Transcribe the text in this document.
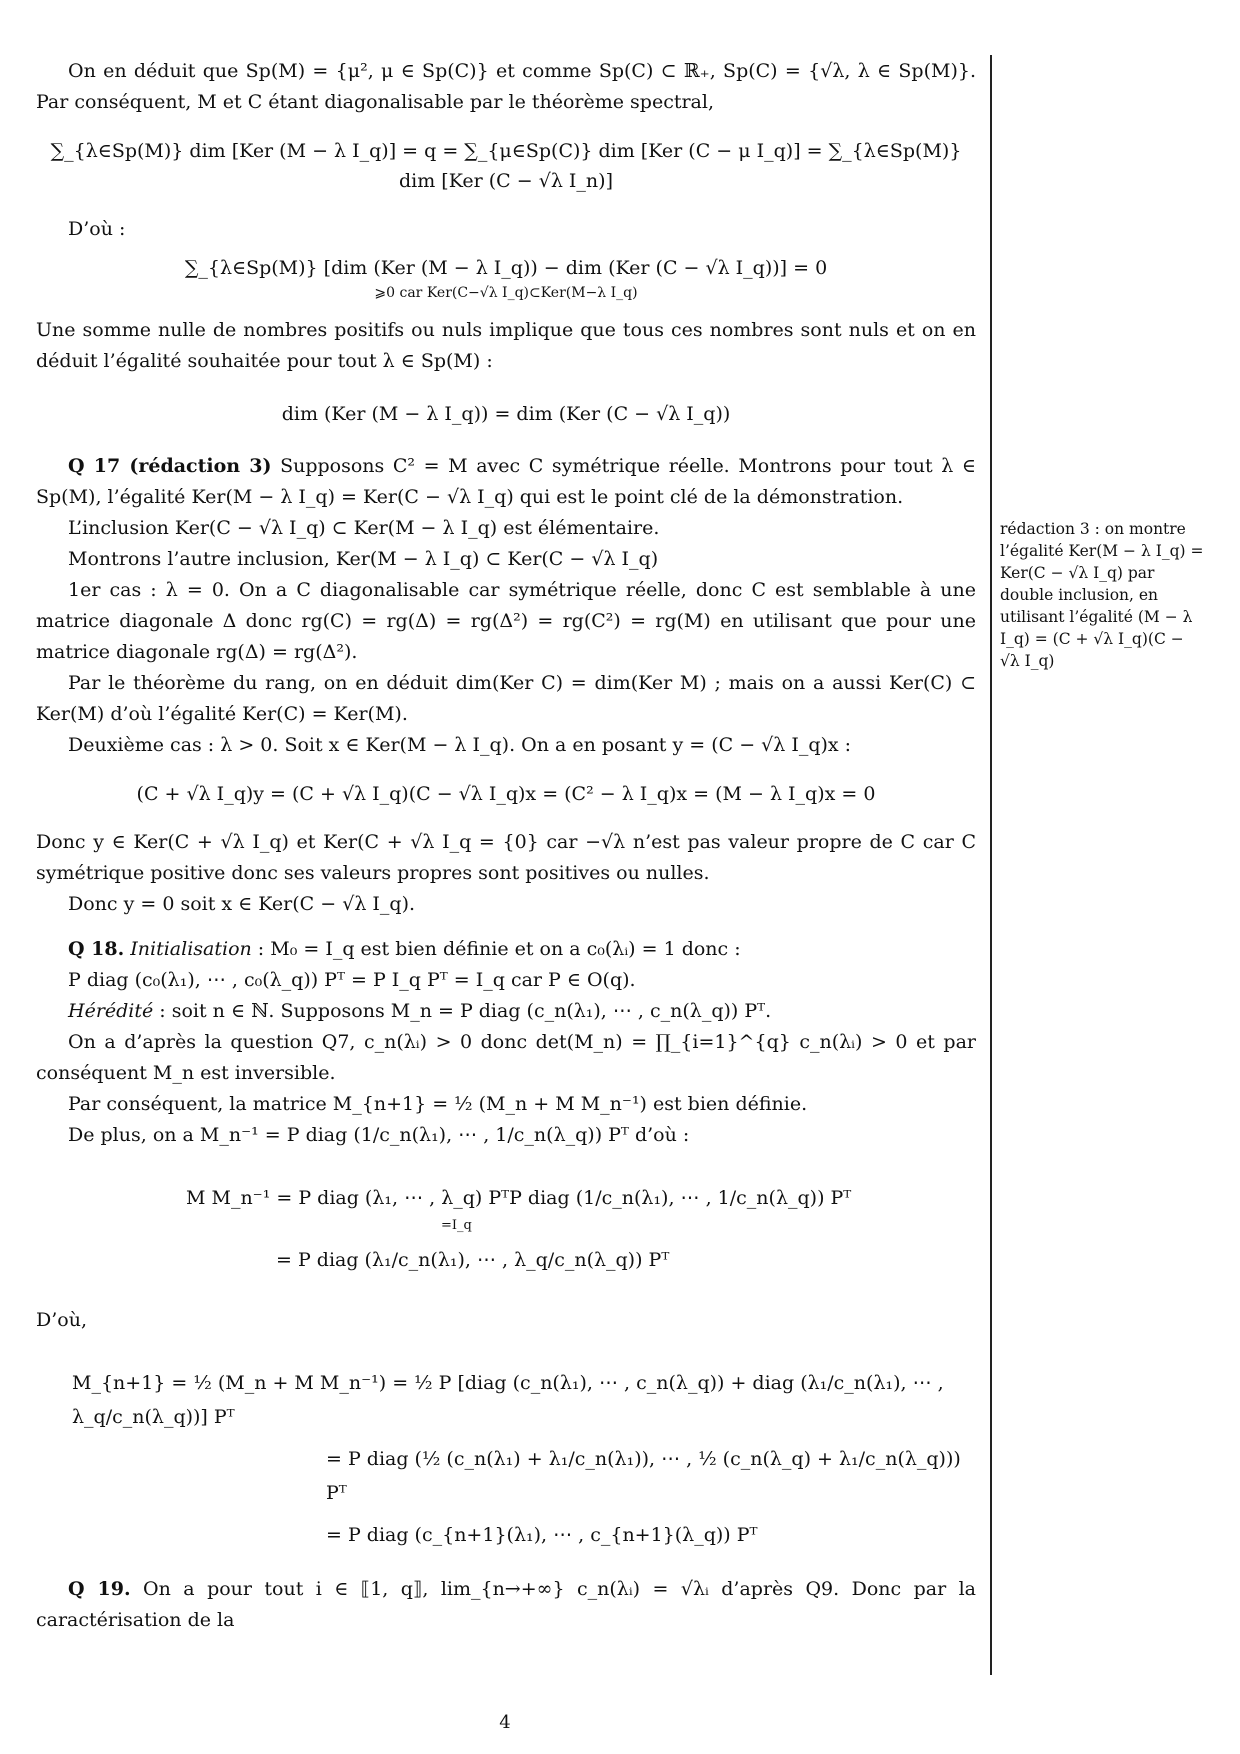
On en déduit que Sp(M) = {μ², μ ∈ Sp(C)} et comme Sp(C) ⊂ ℝ₊, Sp(C) = {√λ, λ ∈ Sp(M)}. Par conséquent, M et C étant diagonalisable par le théorème spectral,

∑_{λ∈Sp(M)} dim [Ker (M − λ I_q)] = q = ∑_{μ∈Sp(C)} dim [Ker (C − μ I_q)] = ∑_{λ∈Sp(M)} dim [Ker (C − √λ I_n)]

D’où :

∑_{λ∈Sp(M)} [dim (Ker (M − λ I_q)) − dim (Ker (C − √λ I_q))] = 0
⩾0 car Ker(C−√λ I_q)⊂Ker(M−λ I_q)

Une somme nulle de nombres positifs ou nuls implique que tous ces nombres sont nuls et on en déduit l’égalité souhaitée pour tout λ ∈ Sp(M) :

dim (Ker (M − λ I_q)) = dim (Ker (C − √λ I_q))

Q 17 (rédaction 3) Supposons C² = M avec C symétrique réelle. Montrons pour tout λ ∈ Sp(M), l’égalité Ker(M − λ I_q) = Ker(C − √λ I_q) qui est le point clé de la démonstration.

L’inclusion Ker(C − √λ I_q) ⊂ Ker(M − λ I_q) est élémentaire.

Montrons l’autre inclusion, Ker(M − λ I_q) ⊂ Ker(C − √λ I_q)

1er cas : λ = 0. On a C diagonalisable car symétrique réelle, donc C est semblable à une matrice diagonale Δ donc rg(C) = rg(Δ) = rg(Δ²) = rg(C²) = rg(M) en utilisant que pour une matrice diagonale rg(Δ) = rg(Δ²).

Par le théorème du rang, on en déduit dim(Ker C) = dim(Ker M) ; mais on a aussi Ker(C) ⊂ Ker(M) d’où l’égalité Ker(C) = Ker(M).

Deuxième cas : λ > 0. Soit x ∈ Ker(M − λ I_q). On a en posant y = (C − √λ I_q)x :

(C + √λ I_q)y = (C + √λ I_q)(C − √λ I_q)x = (C² − λ I_q)x = (M − λ I_q)x = 0

Donc y ∈ Ker(C + √λ I_q) et Ker(C + √λ I_q = {0} car −√λ n’est pas valeur propre de C car C symétrique positive donc ses valeurs propres sont positives ou nulles.

Donc y = 0 soit x ∈ Ker(C − √λ I_q).

Q 18. Initialisation : M₀ = I_q est bien définie et on a c₀(λᵢ) = 1 donc :

P diag (c₀(λ₁), ⋯ , c₀(λ_q)) Pᵀ = P I_q Pᵀ = I_q car P ∈ O(q).

Hérédité : soit n ∈ ℕ. Supposons M_n = P diag (c_n(λ₁), ⋯ , c_n(λ_q)) Pᵀ.

On a d’après la question Q7, c_n(λᵢ) > 0 donc det(M_n) = ∏_{i=1}^{q} c_n(λᵢ) > 0 et par conséquent M_n est inversible.

Par conséquent, la matrice M_{n+1} = ½ (M_n + M M_n⁻¹) est bien définie.

De plus, on a M_n⁻¹ = P diag (1/c_n(λ₁), ⋯ , 1/c_n(λ_q)) Pᵀ d’où :

M M_n⁻¹ = P diag (λ₁, ⋯ , λ_q) PᵀP diag (1/c_n(λ₁), ⋯ , 1/c_n(λ_q)) Pᵀ
=I_q
= P diag (λ₁/c_n(λ₁), ⋯ , λ_q/c_n(λ_q)) Pᵀ

D’où,

M_{n+1} = ½ (M_n + M M_n⁻¹) = ½ P [diag (c_n(λ₁), ⋯ , c_n(λ_q)) + diag (λ₁/c_n(λ₁), ⋯ , λ_q/c_n(λ_q))] Pᵀ
= P diag (½ (c_n(λ₁) + λ₁/c_n(λ₁)), ⋯ , ½ (c_n(λ_q) + λ₁/c_n(λ_q))) Pᵀ
= P diag (c_{n+1}(λ₁), ⋯ , c_{n+1}(λ_q)) Pᵀ

Q 19. On a pour tout i ∈ ⟦1, q⟧, lim_{n→+∞} c_n(λᵢ) = √λᵢ d’après Q9. Donc par la caractérisation de la

rédaction 3 : on montre l’égalité Ker(M − λ I_q) = Ker(C − √λ I_q) par double inclusion, en utilisant l’égalité (M − λ I_q) = (C + √λ I_q)(C − √λ I_q)
4
